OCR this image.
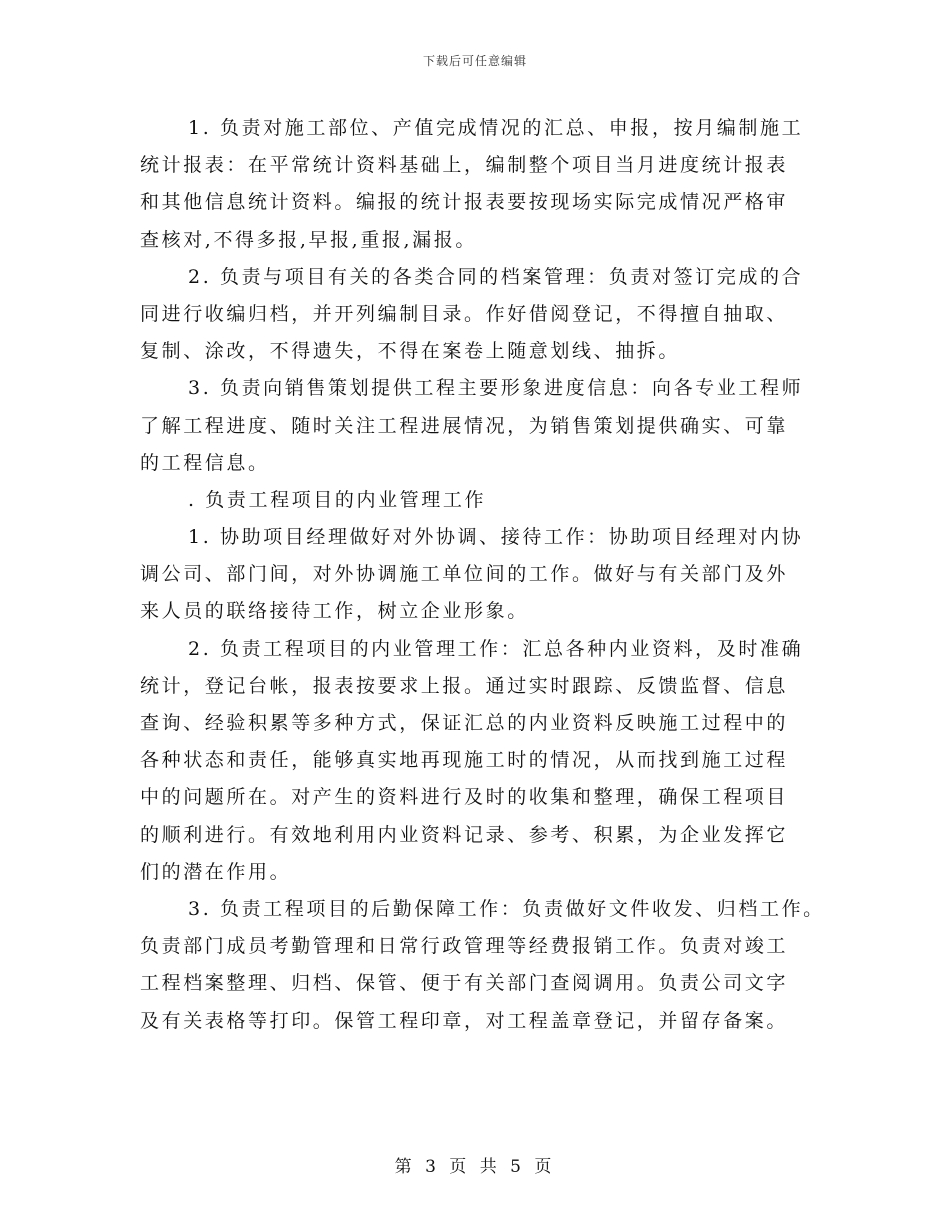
下载后可任意编辑
1. 负责对施工部位、产值完成情况的汇总、申报，按月编制施工
统计报表：在平常统计资料基础上，编制整个项目当月进度统计报表
和其他信息统计资料。编报的统计报表要按现场实际完成情况严格审
查核对,不得多报,早报,重报,漏报。
2. 负责与项目有关的各类合同的档案管理：负责对签订完成的合
同进行收编归档，并开列编制目录。作好借阅登记，不得擅自抽取、
复制、涂改，不得遗失，不得在案卷上随意划线、抽拆。
3. 负责向销售策划提供工程主要形象进度信息：向各专业工程师
了解工程进度、随时关注工程进展情况，为销售策划提供确实、可靠
的工程信息。
. 负责工程项目的内业管理工作
1. 协助项目经理做好对外协调、接待工作：协助项目经理对内协
调公司、部门间，对外协调施工单位间的工作。做好与有关部门及外
来人员的联络接待工作，树立企业形象。
2. 负责工程项目的内业管理工作：汇总各种内业资料，及时准确
统计，登记台帐，报表按要求上报。通过实时跟踪、反馈监督、信息
查询、经验积累等多种方式，保证汇总的内业资料反映施工过程中的
各种状态和责任，能够真实地再现施工时的情况，从而找到施工过程
中的问题所在。对产生的资料进行及时的收集和整理，确保工程项目
的顺利进行。有效地利用内业资料记录、参考、积累，为企业发挥它
们的潜在作用。
3. 负责工程项目的后勤保障工作：负责做好文件收发、归档工作。
负责部门成员考勤管理和日常行政管理等经费报销工作。负责对竣工
工程档案整理、归档、保管、便于有关部门查阅调用。负责公司文字
及有关表格等打印。保管工程印章，对工程盖章登记，并留存备案。
第 3 页 共 5 页
